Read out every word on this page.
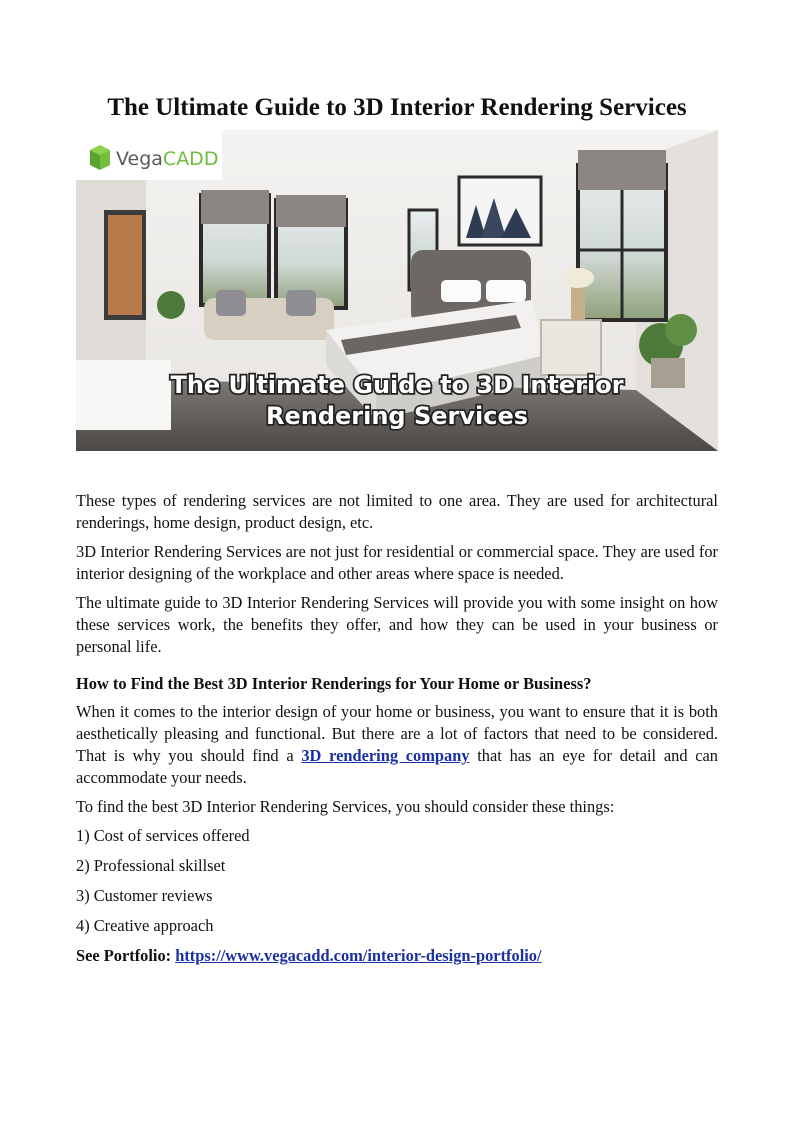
The Ultimate Guide to 3D Interior Rendering Services
The Ultimate Guide to 3D Interior
Rendering Services
VegaCADD

These types of rendering services are not limited to one area. They are used for architectural renderings, home design, product design, etc.

3D Interior Rendering Services are not just for residential or commercial space. They are used for interior designing of the workplace and other areas where space is needed.

The ultimate guide to 3D Interior Rendering Services will provide you with some insight on how these services work, the benefits they offer, and how they can be used in your business or personal life.

How to Find the Best 3D Interior Renderings for Your Home or Business?

When it comes to the interior design of your home or business, you want to ensure that it is both aesthetically pleasing and functional. But there are a lot of factors that need to be considered. That is why you should find a 3D rendering company that has an eye for detail and can accommodate your needs.

To find the best 3D Interior Rendering Services, you should consider these things:

1) Cost of services offered

2) Professional skillset

3) Customer reviews

4) Creative approach

See Portfolio: https://www.vegacadd.com/interior-design-portfolio/
